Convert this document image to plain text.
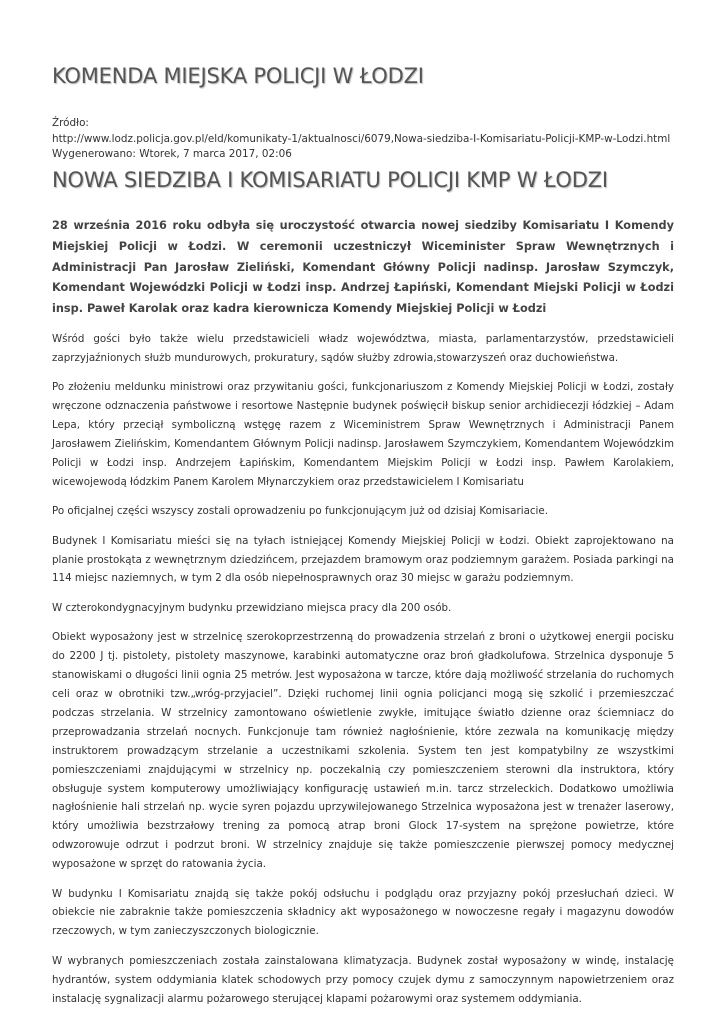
KOMENDA MIEJSKA POLICJI W ŁODZI
Źródło:
http://www.lodz.policja.gov.pl/eld/komunikaty-1/aktualnosci/6079,Nowa-siedziba-I-Komisariatu-Policji-KMP-w-Lodzi.html
Wygenerowano: Wtorek, 7 marca 2017, 02:06
NOWA SIEDZIBA I KOMISARIATU POLICJI KMP W ŁODZI

28 września 2016 roku odbyła się uroczystość otwarcia nowej siedziby Komisariatu I Komendy Miejskiej Policji w Łodzi. W ceremonii uczestniczył Wiceminister Spraw Wewnętrznych i Administracji Pan Jarosław Zieliński, Komendant Główny Policji nadinsp. Jarosław Szymczyk, Komendant Wojewódzki Policji w Łodzi insp. Andrzej Łapiński, Komendant Miejski Policji w Łodzi insp. Paweł Karolak oraz kadra kierownicza Komendy Miejskiej Policji w Łodzi

Wśród gości było także wielu przedstawicieli władz województwa, miasta, parlamentarzystów, przedstawicieli zaprzyjaźnionych służb mundurowych, prokuratury, sądów służby zdrowia,stowarzyszeń oraz duchowieństwa.

Po złożeniu meldunku ministrowi oraz przywitaniu gości, funkcjonariuszom z Komendy Miejskiej Policji w Łodzi, zostały wręczone odznaczenia państwowe i resortowe Następnie budynek poświęcił biskup senior archidiecezji łódzkiej – Adam Lepa, który przeciął symboliczną wstęgę razem z Wiceministrem Spraw Wewnętrznych i Administracji Panem Jarosławem Zielińskim, Komendantem Głównym Policji nadinsp. Jarosławem Szymczykiem, Komendantem Wojewódzkim Policji w Łodzi insp. Andrzejem Łapińskim, Komendantem Miejskim Policji w Łodzi insp. Pawłem Karolakiem, wicewojewodą łódzkim Panem Karolem Młynarczykiem oraz przedstawicielem I Komisariatu

Po oficjalnej części wszyscy zostali oprowadzeniu po funkcjonującym już od dzisiaj Komisariacie.

Budynek I Komisariatu mieści się na tyłach istniejącej Komendy Miejskiej Policji w Łodzi. Obiekt zaprojektowano na planie prostokąta z wewnętrznym dziedzińcem, przejazdem bramowym oraz podziemnym garażem. Posiada parkingi na 114 miejsc naziemnych, w tym 2 dla osób niepełnosprawnych oraz 30 miejsc w garażu podziemnym.

W czterokondygnacyjnym budynku przewidziano miejsca pracy dla 200 osób.

Obiekt wyposażony jest w strzelnicę szerokoprzestrzenną do prowadzenia strzelań z broni o użytkowej energii pocisku do 2200 J tj. pistolety, pistolety maszynowe, karabinki automatyczne oraz broń gładkolufowa. Strzelnica dysponuje 5 stanowiskami o długości linii ognia 25 metrów. Jest wyposażona w tarcze, które dają możliwość strzelania do ruchomych celi oraz w obrotniki tzw.„wróg-przyjaciel”. Dzięki ruchomej linii ognia policjanci mogą się szkolić i przemieszczać podczas strzelania. W strzelnicy zamontowano oświetlenie zwykłe, imitujące światło dzienne oraz ściemniacz do przeprowadzania strzelań nocnych. Funkcjonuje tam również nagłośnienie, które zezwala na komunikację między instruktorem prowadzącym strzelanie a uczestnikami szkolenia. System ten jest kompatybilny ze wszystkimi pomieszczeniami znajdującymi w strzelnicy np. poczekalnią czy pomieszczeniem sterowni dla instruktora, który obsługuje system komputerowy umożliwiający konfigurację ustawień m.in. tarcz strzeleckich. Dodatkowo umożliwia nagłośnienie hali strzelań np. wycie syren pojazdu uprzywilejowanego Strzelnica wyposażona jest w trenażer laserowy, który umożliwia bezstrzałowy trening za pomocą atrap broni Glock 17-system na sprężone powietrze, które odwzorowuje odrzut i podrzut broni. W strzelnicy znajduje się także pomieszczenie pierwszej pomocy medycznej wyposażone w sprzęt do ratowania życia.

W budynku I Komisariatu znajdą się także pokój odsłuchu i podglądu oraz przyjazny pokój przesłuchań dzieci. W obiekcie nie zabraknie także pomieszczenia składnicy akt wyposażonego w nowoczesne regały i magazynu dowodów rzeczowych, w tym zanieczyszczonych biologicznie.

W wybranych pomieszczeniach została zainstalowana klimatyzacja. Budynek został wyposażony w windę, instalację hydrantów, system oddymiania klatek schodowych przy pomocy czujek dymu z samoczynnym napowietrzeniem oraz instalację sygnalizacji alarmu pożarowego sterującej klapami pożarowymi oraz systemem oddymiania.
